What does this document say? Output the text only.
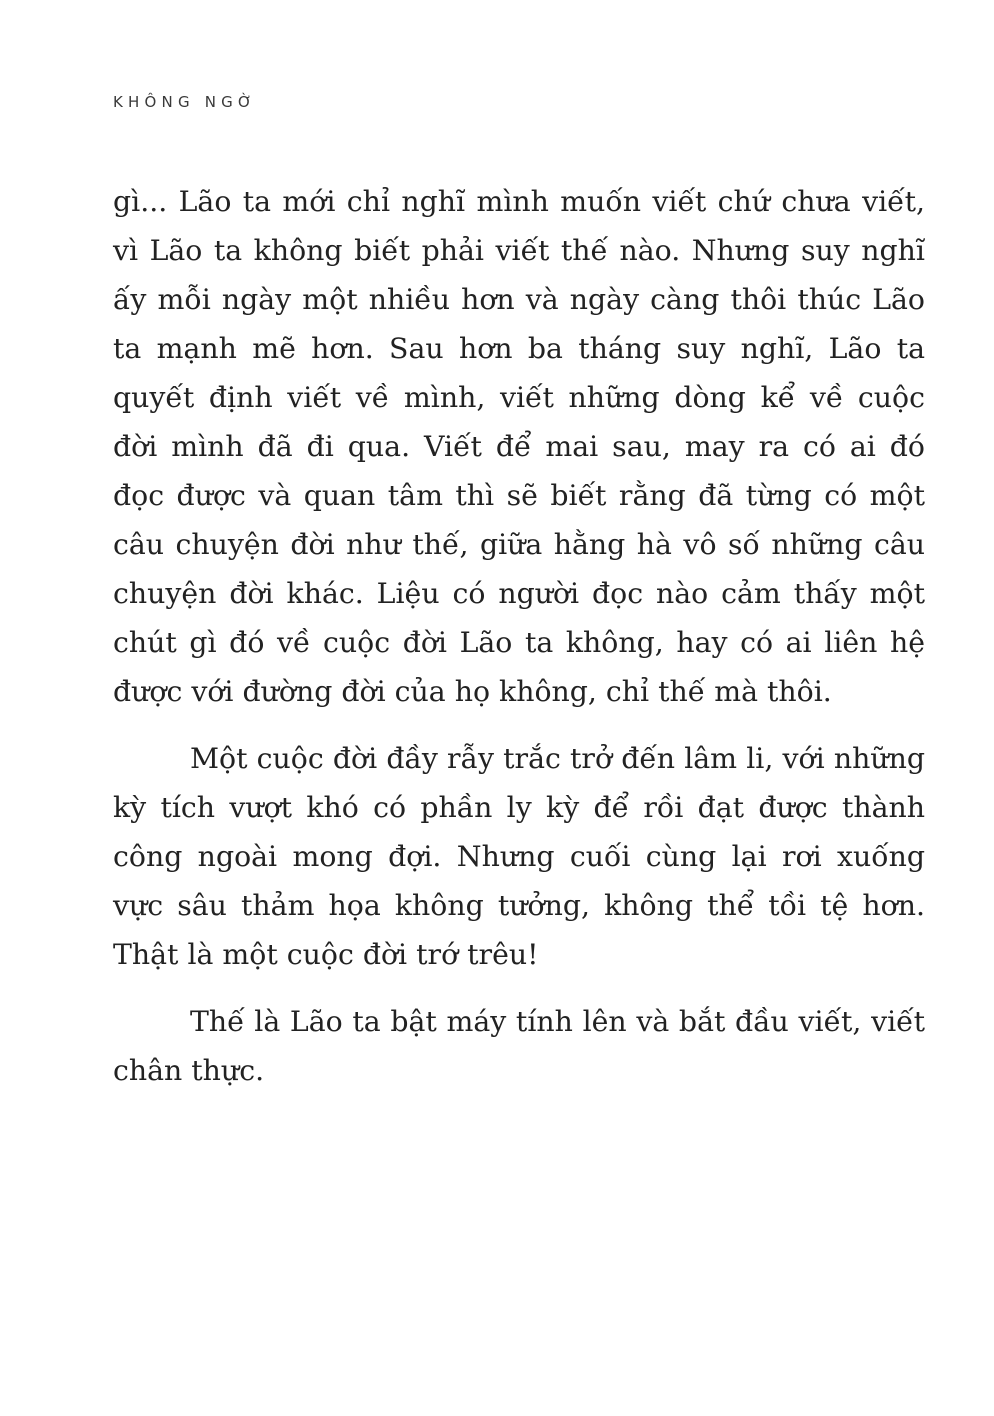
KHÔNG NGỜ

gì... Lão ta mới chỉ nghĩ mình muốn viết chứ chưa viết,
vì Lão ta không biết phải viết thế nào. Nhưng suy nghĩ
ấy mỗi ngày một nhiều hơn và ngày càng thôi thúc Lão
ta mạnh mẽ hơn. Sau hơn ba tháng suy nghĩ, Lão ta
quyết định viết về mình, viết những dòng kể về cuộc
đời mình đã đi qua. Viết để mai sau, may ra có ai đó
đọc được và quan tâm thì sẽ biết rằng đã từng có một
câu chuyện đời như thế, giữa hằng hà vô số những câu
chuyện đời khác. Liệu có người đọc nào cảm thấy một
chút gì đó về cuộc đời Lão ta không, hay có ai liên hệ
được với đường đời của họ không, chỉ thế mà thôi.

Một cuộc đời đầy rẫy trắc trở đến lâm li, với những
kỳ tích vượt khó có phần ly kỳ để rồi đạt được thành
công ngoài mong đợi. Nhưng cuối cùng lại rơi xuống
vực sâu thảm họa không tưởng, không thể tồi tệ hơn.
Thật là một cuộc đời trớ trêu!

Thế là Lão ta bật máy tính lên và bắt đầu viết, viết
chân thực.
